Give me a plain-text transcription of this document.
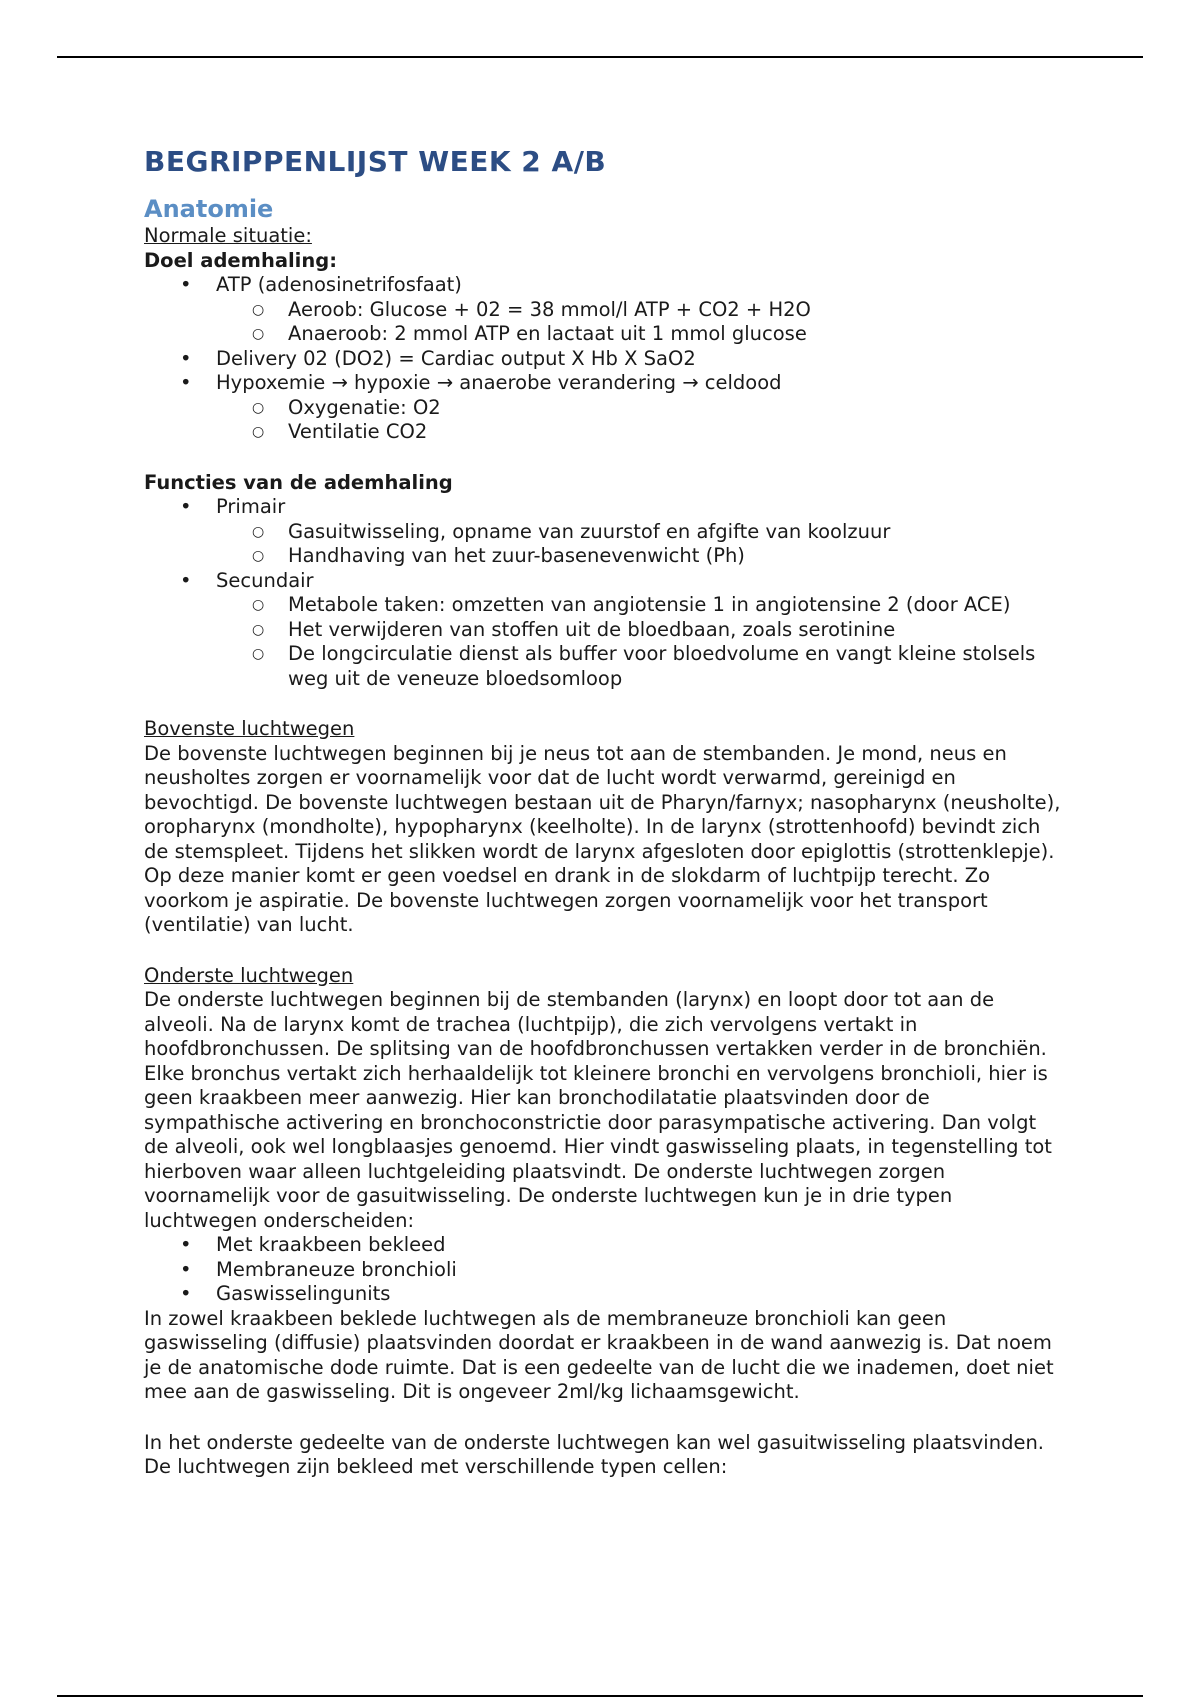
BEGRIPPENLIJST WEEK 2 A/B
Anatomie
Normale situatie:
Doel ademhaling:
• ATP (adenosinetrifosfaat)
○ Aeroob: Glucose + 02 = 38 mmol/l ATP + CO2 + H2O
○ Anaeroob: 2 mmol ATP en lactaat uit 1 mmol glucose
• Delivery 02 (DO2) = Cardiac output X Hb X SaO2
• Hypoxemie → hypoxie → anaerobe verandering → celdood
○ Oxygenatie: O2
○ Ventilatie CO2
Functies van de ademhaling
• Primair
○ Gasuitwisseling, opname van zuurstof en afgifte van koolzuur
○ Handhaving van het zuur-basenevenwicht (Ph)
• Secundair
○ Metabole taken: omzetten van angiotensie 1 in angiotensine 2 (door ACE)
○ Het verwijderen van stoffen uit de bloedbaan, zoals serotinine
○ De longcirculatie dienst als buffer voor bloedvolume en vangt kleine stolsels weg uit de veneuze bloedsomloop
Bovenste luchtwegen

De bovenste luchtwegen beginnen bij je neus tot aan de stembanden. Je mond, neus en neusholtes zorgen er voornamelijk voor dat de lucht wordt verwarmd, gereinigd en bevochtigd. De bovenste luchtwegen bestaan uit de Pharyn/farnyx; nasopharynx (neusholte), oropharynx (mondholte), hypopharynx (keelholte). In de larynx (strottenhoofd) bevindt zich de stemspleet. Tijdens het slikken wordt de larynx afgesloten door epiglottis (strottenklepje). Op deze manier komt er geen voedsel en drank in de slokdarm of luchtpijp terecht. Zo voorkom je aspiratie. De bovenste luchtwegen zorgen voornamelijk voor het transport (ventilatie) van lucht.

Onderste luchtwegen

De onderste luchtwegen beginnen bij de stembanden (larynx) en loopt door tot aan de alveoli. Na de larynx komt de trachea (luchtpijp), die zich vervolgens vertakt in hoofdbronchussen. De splitsing van de hoofdbronchussen vertakken verder in de bronchiën. Elke bronchus vertakt zich herhaaldelijk tot kleinere bronchi en vervolgens bronchioli, hier is geen kraakbeen meer aanwezig. Hier kan bronchodilatatie plaatsvinden door de sympathische activering en bronchoconstrictie door parasympatische activering. Dan volgt de alveoli, ook wel longblaasjes genoemd. Hier vindt gaswisseling plaats, in tegenstelling tot hierboven waar alleen luchtgeleiding plaatsvindt. De onderste luchtwegen zorgen voornamelijk voor de gasuitwisseling. De onderste luchtwegen kun je in drie typen luchtwegen onderscheiden:

• Met kraakbeen bekleed
• Membraneuze bronchioli
• Gaswisselingunits

In zowel kraakbeen beklede luchtwegen als de membraneuze bronchioli kan geen gaswisseling (diffusie) plaatsvinden doordat er kraakbeen in de wand aanwezig is. Dat noem je de anatomische dode ruimte. Dat is een gedeelte van de lucht die we inademen, doet niet mee aan de gaswisseling. Dit is ongeveer 2ml/kg lichaamsgewicht.

In het onderste gedeelte van de onderste luchtwegen kan wel gasuitwisseling plaatsvinden.

De luchtwegen zijn bekleed met verschillende typen cellen:
